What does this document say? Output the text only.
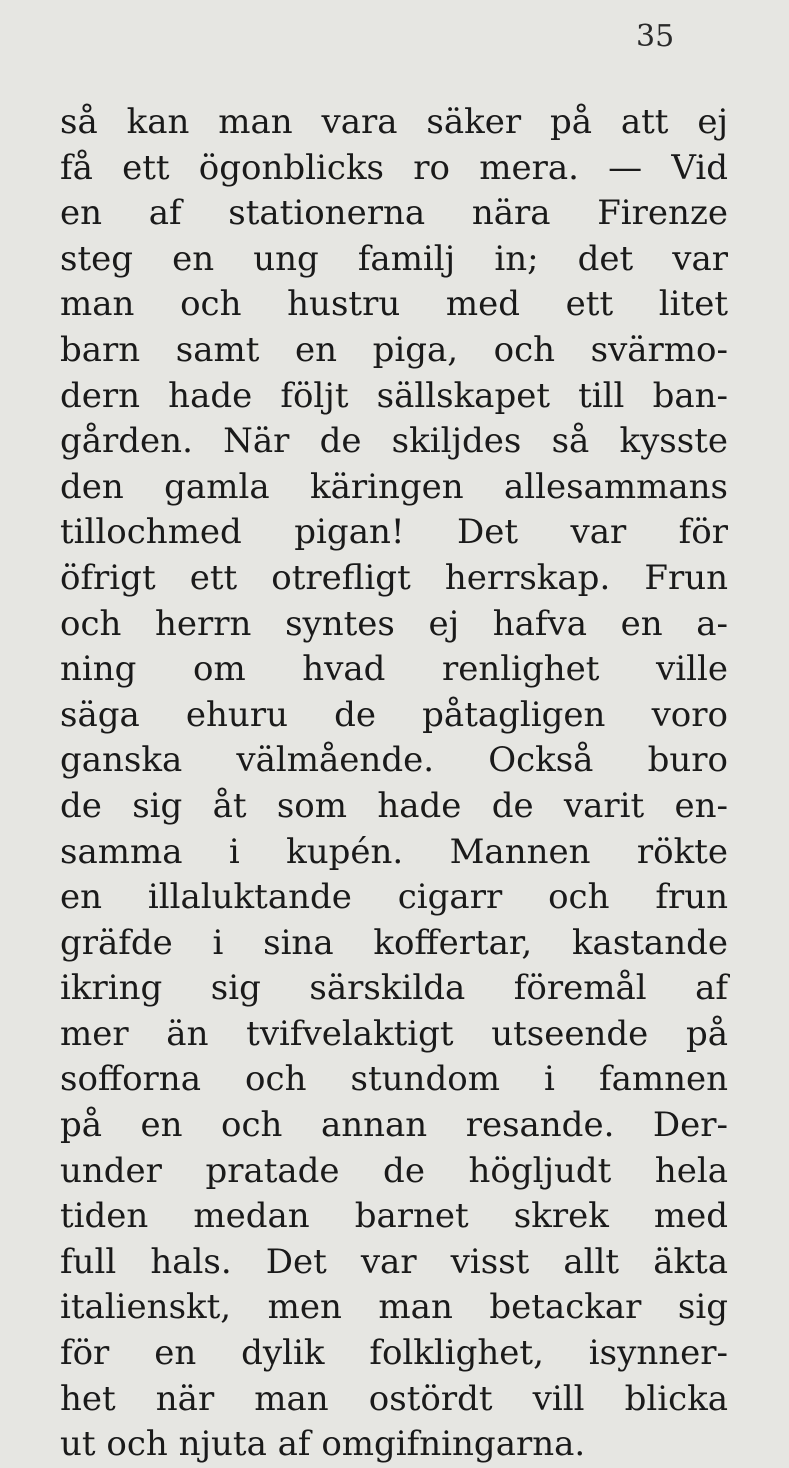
35
så kan man vara säker på att ej
få ett ögonblicks ro mera. — Vid
en af stationerna nära Firenze
steg en ung familj in; det var
man och hustru med ett litet
barn samt en piga, och svärmo-
dern hade följt sällskapet till ban-
gården. När de skiljdes så kysste
den gamla käringen allesammans
tillochmed pigan! Det var för
öfrigt ett otrefligt herrskap. Frun
och herrn syntes ej hafva en a-
ning om hvad renlighet ville
säga ehuru de påtagligen voro
ganska välmående. Också buro
de sig åt som hade de varit en-
samma i kupén. Mannen rökte
en illaluktande cigarr och frun
gräfde i sina koffertar, kastande
ikring sig särskilda föremål af
mer än tvifvelaktigt utseende på
sofforna och stundom i famnen
på en och annan resande. Der-
under pratade de högljudt hela
tiden medan barnet skrek med
full hals. Det var visst allt äkta
italienskt, men man betackar sig
för en dylik folklighet, isynner-
het när man ostördt vill blicka
ut och njuta af omgifningarna.
